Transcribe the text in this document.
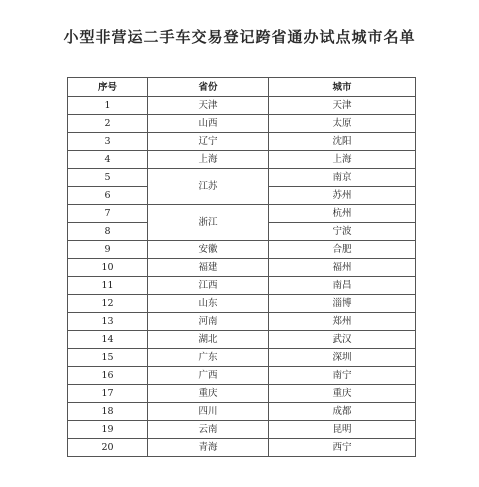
小型非营运二手车交易登记跨省通办试点城市名单
序号	省份	城市
1	天津	天津
2	山西	太原
3	辽宁	沈阳
4	上海	上海
5	江苏	南京
6		苏州
7	浙江	杭州
8		宁波
9	安徽	合肥
10	福建	福州
11	江西	南昌
12	山东	淄博
13	河南	郑州
14	湖北	武汉
15	广东	深圳
16	广西	南宁
17	重庆	重庆
18	四川	成都
19	云南	昆明
20	青海	西宁
